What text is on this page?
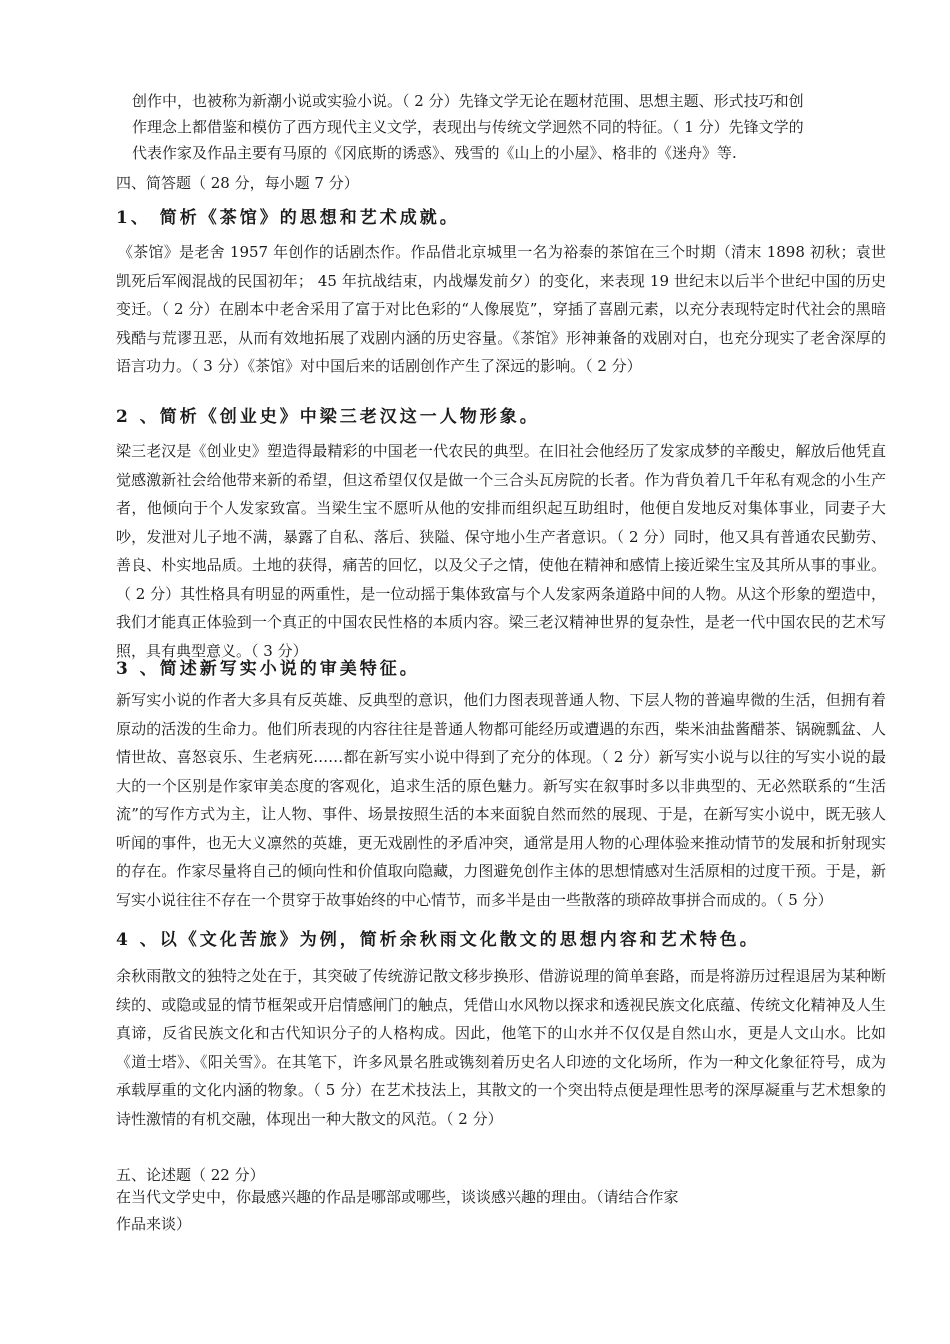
创作中，也被称为新潮小说或实验小说。（ 2 分）先锋文学无论在题材范围、思想主题、形式技巧和创
作理念上都借鉴和模仿了西方现代主义文学，表现出与传统文学迥然不同的特征。（ 1 分）先锋文学的
代表作家及作品主要有马原的《冈底斯的诱惑》、残雪的《山上的小屋》、格非的《迷舟》等.
四、简答题（ 28 分，每小题 7 分）
1、 简析《茶馆》的思想和艺术成就。
《茶馆》是老舍 1957 年创作的话剧杰作。作品借北京城里一名为裕泰的茶馆在三个时期（清末 1898 初秋；袁世凯死后军阀混战的民国初年； 45 年抗战结束，内战爆发前夕）的变化，来表现 19 世纪末以后半个世纪中国的历史变迁。（ 2 分）在剧本中老舍采用了富于对比色彩的“人像展览”，穿插了喜剧元素，以充分表现特定时代社会的黑暗残酷与荒谬丑恶，从而有效地拓展了戏剧内涵的历史容量。《茶馆》形神兼备的戏剧对白，也充分现实了老舍深厚的语言功力。（ 3 分）《茶馆》对中国后来的话剧创作产生了深远的影响。（ 2 分）
2 、简析《创业史》中梁三老汉这一人物形象。
梁三老汉是《创业史》塑造得最精彩的中国老一代农民的典型。在旧社会他经历了发家成梦的辛酸史，解放后他凭直觉感激新社会给他带来新的希望，但这希望仅仅是做一个三合头瓦房院的长者。作为背负着几千年私有观念的小生产者，他倾向于个人发家致富。当梁生宝不愿听从他的安排而组织起互助组时，他便自发地反对集体事业，同妻子大吵，发泄对儿子地不满，暴露了自私、落后、狭隘、保守地小生产者意识。（ 2 分）同时，他又具有普通农民勤劳、善良、朴实地品质。土地的获得，痛苦的回忆，以及父子之情，使他在精神和感情上接近梁生宝及其所从事的事业。（ 2 分）其性格具有明显的两重性，是一位动摇于集体致富与个人发家两条道路中间的人物。从这个形象的塑造中，我们才能真正体验到一个真正的中国农民性格的本质内容。梁三老汉精神世界的复杂性，是老一代中国农民的艺术写照，具有典型意义。（ 3 分）
3 、简述新写实小说的审美特征。
新写实小说的作者大多具有反英雄、反典型的意识，他们力图表现普通人物、下层人物的普遍卑微的生活，但拥有着原动的活泼的生命力。他们所表现的内容往往是普通人物都可能经历或遭遇的东西，柴米油盐酱醋茶、锅碗瓢盆、人情世故、喜怒哀乐、生老病死……都在新写实小说中得到了充分的体现。（ 2 分）新写实小说与以往的写实小说的最大的一个区别是作家审美态度的客观化，追求生活的原色魅力。新写实在叙事时多以非典型的、无必然联系的“生活流”的写作方式为主，让人物、事件、场景按照生活的本来面貌自然而然的展现、于是，在新写实小说中，既无骇人听闻的事件，也无大义凛然的英雄，更无戏剧性的矛盾冲突，通常是用人物的心理体验来推动情节的发展和折射现实的存在。作家尽量将自己的倾向性和价值取向隐藏，力图避免创作主体的思想情感对生活原相的过度干预。于是，新写实小说往往不存在一个贯穿于故事始终的中心情节，而多半是由一些散落的琐碎故事拼合而成的。（ 5 分）
4 、以《文化苦旅》为例，简析余秋雨文化散文的思想内容和艺术特色。
余秋雨散文的独特之处在于，其突破了传统游记散文移步换形、借游说理的简单套路，而是将游历过程退居为某种断续的、或隐或显的情节框架或开启情感闸门的触点，凭借山水风物以探求和透视民族文化底蕴、传统文化精神及人生真谛，反省民族文化和古代知识分子的人格构成。因此，他笔下的山水并不仅仅是自然山水，更是人文山水。比如《道士塔》、《阳关雪》。在其笔下，许多风景名胜或镌刻着历史名人印迹的文化场所，作为一种文化象征符号，成为承载厚重的文化内涵的物象。（ 5 分）在艺术技法上，其散文的一个突出特点便是理性思考的深厚凝重与艺术想象的诗性激情的有机交融，体现出一种大散文的风范。（ 2 分）
五、论述题（ 22 分）
在当代文学史中，你最感兴趣的作品是哪部或哪些，谈谈感兴趣的理由。（请结合作家
作品来谈）
